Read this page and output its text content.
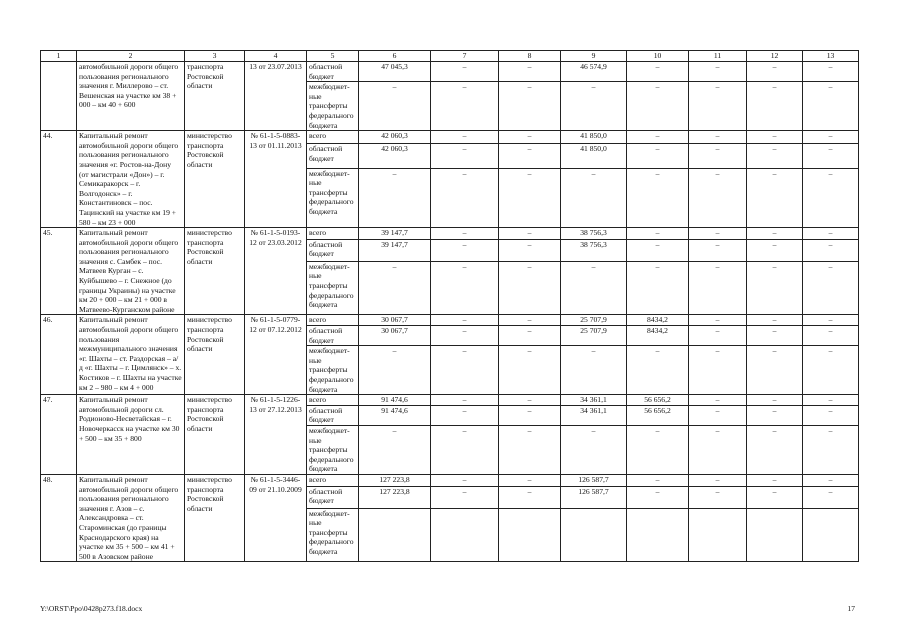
1	2	3	4	5	6	7	8	9	10	11	12	13
	автомобильной дороги общего пользования регионального значения г. Миллерово – ст. Вешенская на участке км 38 + 000 – км 40 + 600	транспорта Ростовской области	13 от 23.07.2013	областной бюджет	47 045,3	–	–	46 574,9	–	–	–	–
				межбюджет-ные трансферты федерального бюджета	–	–	–	–	–	–	–	–
44.	Капитальный ремонт автомобильной дороги общего пользования регионального значения «г. Ростов-на-Дону (от магистрали «Дон») – г. Семикаракорск – г. Волгодонск» – г. Константиновск – пос. Тацинский на участке км 19 + 580 – км 23 + 000	министерство транспорта Ростовской области	№ 61-1-5-0883-13 от 01.11.2013	всего	42 060,3	–	–	41 850,0	–	–	–	–
				областной бюджет	42 060,3	–	–	41 850,0	–	–	–	–
				межбюджет-ные трансферты федерального бюджета	–	–	–	–	–	–	–	–
45.	Капитальный ремонт автомобильной дороги общего пользования регионального значения с. Самбек – пос. Матвеев Курган – с. Куйбышево – г. Снежное (до границы Украины) на участке км 20 + 000 – км 21 + 000 в Матвеево-Курганском районе	министерство транспорта Ростовской области	№ 61-1-5-0193-12 от 23.03.2012	всего	39 147,7	–	–	38 756,3	–	–	–	–
				областной бюджет	39 147,7	–	–	38 756,3	–	–	–	–
				межбюджет-ные трансферты федерального бюджета	–	–	–	–	–	–	–	–
46.	Капитальный ремонт автомобильной дороги общего пользования межмуниципального значения «г. Шахты – ст. Раздорская – а/д «г. Шахты – г. Цимлянск» – х. Костиков – г. Шахты на участке км 2 – 980 – км 4 + 000	министерство транспорта Ростовской области	№ 61-1-5-0779-12 от 07.12.2012	всего	30 067,7	–	–	25 707,9	8434,2	–	–	–
				областной бюджет	30 067,7	–	–	25 707,9	8434,2	–	–	–
				межбюджет-ные трансферты федерального бюджета	–	–	–	–	–	–	–	–
47.	Капитальный ремонт автомобильной дороги сл. Родионово-Несветайская – г. Новочеркасск на участке км 30 + 500 – км 35 + 800	министерство транспорта Ростовской области	№ 61-1-5-1226-13 от 27.12.2013	всего	91 474,6	–	–	34 361,1	56 656,2	–	–	–
				областной бюджет	91 474,6	–	–	34 361,1	56 656,2	–	–	–
				межбюджет-ные трансферты федерального бюджета	–	–	–	–	–	–	–	–
48.	Капитальный ремонт автомобильной дороги общего пользования регионального значения г. Азов – с. Александровка – ст. Староминская (до границы Краснодарского края) на участке км 35 + 500 – км 41 + 500 в Азовском районе	министерство транспорта Ростовской области	№ 61-1-5-3446-09 от 21.10.2009	всего	127 223,8	–	–	126 587,7	–	–	–	–
				областной бюджет	127 223,8	–	–	126 587,7	–	–	–	–
				межбюджет-ные трансферты федерального бюджета								
Y:\ORST\Ppo\0428p273.f18.docx	17
